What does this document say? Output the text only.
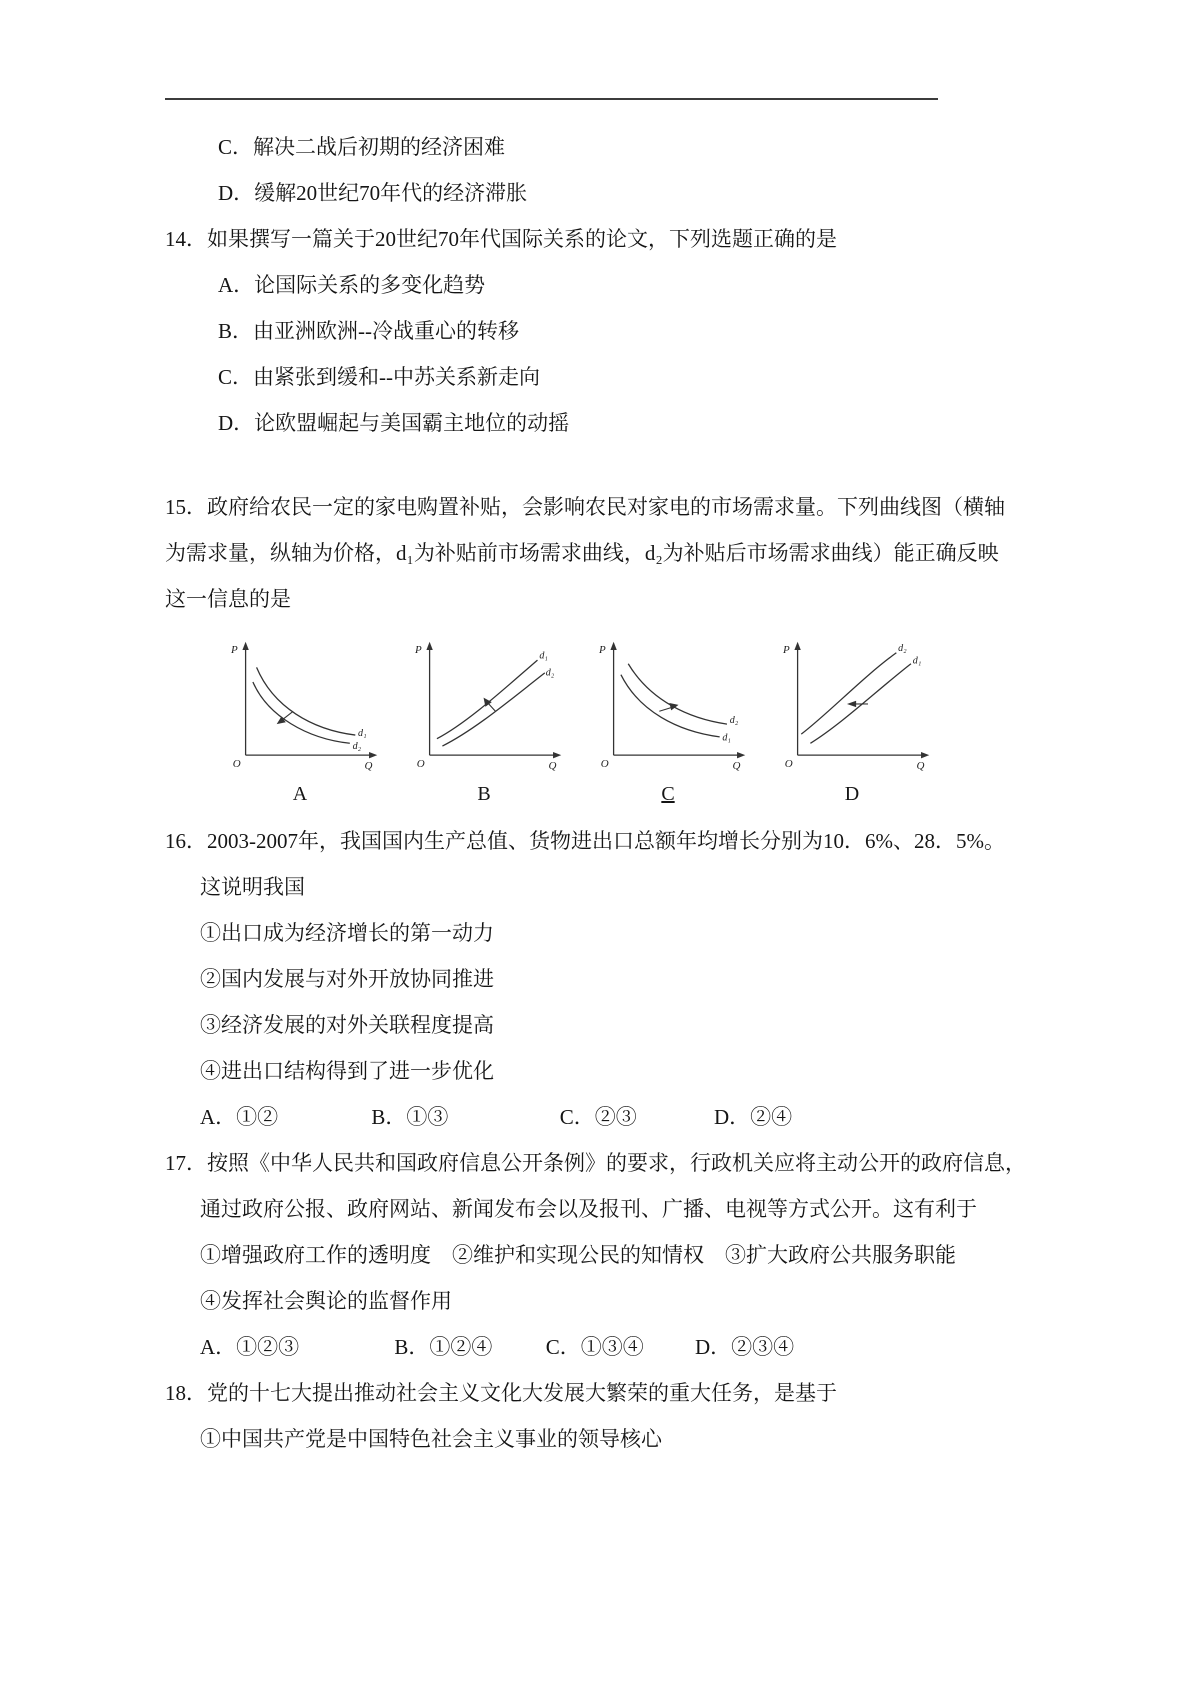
C．解决二战后初期的经济困难

D．缓解20世纪70年代的经济滞胀

14．如果撰写一篇关于20世纪70年代国际关系的论文，下列选题正确的是

A．论国际关系的多变化趋势

B．由亚洲欧洲--冷战重心的转移

C．由紧张到缓和--中苏关系新走向

D．论欧盟崛起与美国霸主地位的动摇

15．政府给农民一定的家电购置补贴，会影响农民对家电的市场需求量。下列曲线图（横轴

为需求量，纵轴为价格，d₁为补贴前市场需求曲线，d₂为补贴后市场需求曲线）能正确反映

这一信息的是

P
Q
O
d₁
d₂
A
P
Q
O
d₁
d₂
B
P
Q
O
d₂
d₁
C
P
Q
O
d₂
d₁
D

16．2003-2007年，我国国内生产总值、货物进出口总额年均增长分别为10．6%、28．5%。

这说明我国

①出口成为经济增长的第一动力

②国内发展与对外开放协同推进

③经济发展的对外关联程度提高

④进出口结构得到了进一步优化

A．①②	B．①③	C．②③	D．②④

17．按照《中华人民共和国政府信息公开条例》的要求，行政机关应将主动公开的政府信息，

通过政府公报、政府网站、新闻发布会以及报刊、广播、电视等方式公开。这有利于

①增强政府工作的透明度　②维护和实现公民的知情权　③扩大政府公共服务职能

④发挥社会舆论的监督作用

A．①②③	B．①②④	C．①③④ D．②③④

18．党的十七大提出推动社会主义文化大发展大繁荣的重大任务，是基于

①中国共产党是中国特色社会主义事业的领导核心
